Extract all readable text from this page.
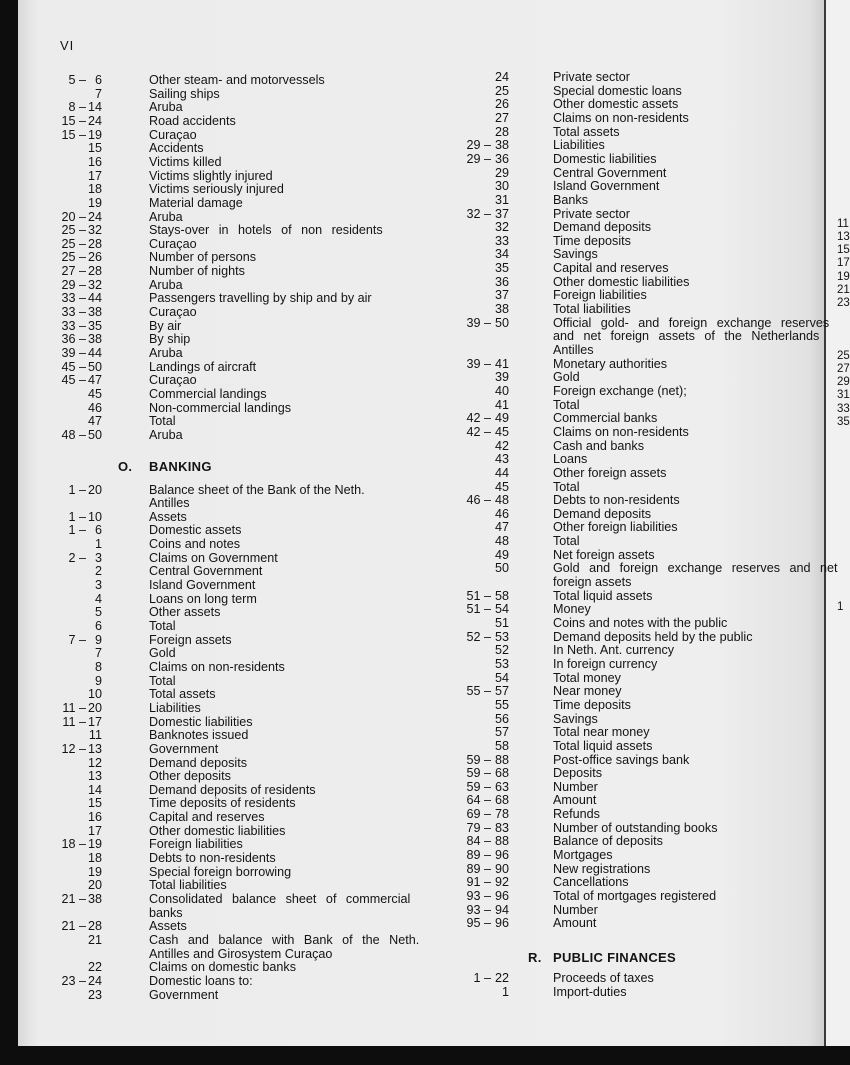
VI
5 –	6	Other steam- and motorvessels
7	Sailing ships
8 – 14	Aruba
15 – 24	Road accidents
15 – 19	Curaçao
15	Accidents
16	Victims killed
17	Victims slightly injured
18	Victims seriously injured
19	Material damage
20 – 24	Aruba
25 – 32	Stays-over in hotels of non residents
25 – 28	Curaçao
25 – 26	Number of persons
27 – 28	Number of nights
29 – 32	Aruba
33 – 44	Passengers travelling by ship and by air
33 – 38	Curaçao
33 – 35	By air
36 – 38	By ship
39 – 44	Aruba
45 – 50	Landings of aircraft
45 – 47	Curaçao
45	Commercial landings
46	Non-commercial landings
47	Total
48 – 50	Aruba
O. BANKING
1 – 20	Balance sheet of the Bank of the Neth.
Antilles
1 – 10	Assets
1 –	6	Domestic assets
1	Coins and notes
2 –	3	Claims on Government
2	Central Government
3	Island Government
4	Loans on long term
5	Other assets
6	Total
7 –	9	Foreign assets
7	Gold
8	Claims on non-residents
9	Total
10	Total assets
11 – 20	Liabilities
11 – 17	Domestic liabilities
11	Banknotes issued
12 – 13	Government
12	Demand deposits
13	Other deposits
14	Demand deposits of residents
15	Time deposits of residents
16	Capital and reserves
17	Other domestic liabilities
18 – 19	Foreign liabilities
18	Debts to non-residents
19	Special foreign borrowing
20	Total liabilities
21 – 38	Consolidated balance sheet of commercial
banks
21 – 28	Assets
21	Cash and balance with Bank of the Neth.
Antilles and Girosystem Curaçao
22	Claims on domestic banks
23 – 24	Domestic loans to:
23	Government
24	Private sector
25	Special domestic loans
26	Other domestic assets
27	Claims on non-residents
28	Total assets
29 –	38	Liabilities
29 –	36	Domestic liabilities
29	Central Government
30	Island Government
31	Banks
32 –	37	Private sector
32	Demand deposits
33	Time deposits
34	Savings
35	Capital and reserves
36	Other domestic liabilities
37	Foreign liabilities
38	Total liabilities
39 –	50	Official gold- and foreign exchange reserves
and net foreign assets of the Netherlands
Antilles
39 –	41	Monetary authorities
39	Gold
40	Foreign exchange (net);
41	Total
42 –	49	Commercial banks
42 –	45	Claims on non-residents
42	Cash and banks
43	Loans
44	Other foreign assets
45	Total
46 –	48	Debts to non-residents
46	Demand deposits
47	Other foreign liabilities
48	Total
49	Net foreign assets
50	Gold and foreign exchange reserves and net
foreign assets
51 –	58	Total liquid assets
51 –	54	Money
51	Coins and notes with the public
52 –	53	Demand deposits held by the public
52	In Neth. Ant. currency
53	In foreign currency
54	Total money
55 –	57	Near money
55	Time deposits
56	Savings
57	Total near money
58	Total liquid assets
59 –	88	Post-office savings bank
59 –	68	Deposits
59 –	63	Number
64 –	68	Amount
69 –	78	Refunds
79 –	83	Number of outstanding books
84 –	88	Balance of deposits
89 –	96	Mortgages
89 –	90	New registrations
91 –	92	Cancellations
93 –	96	Total of mortgages registered
93 –	94	Number
95 –	96	Amount
R. PUBLIC FINANCES
1 –	22	Proceeds of taxes
1	Import-duties
11
13
15
17
19
21
23
25
27
29
31
33
35
1
